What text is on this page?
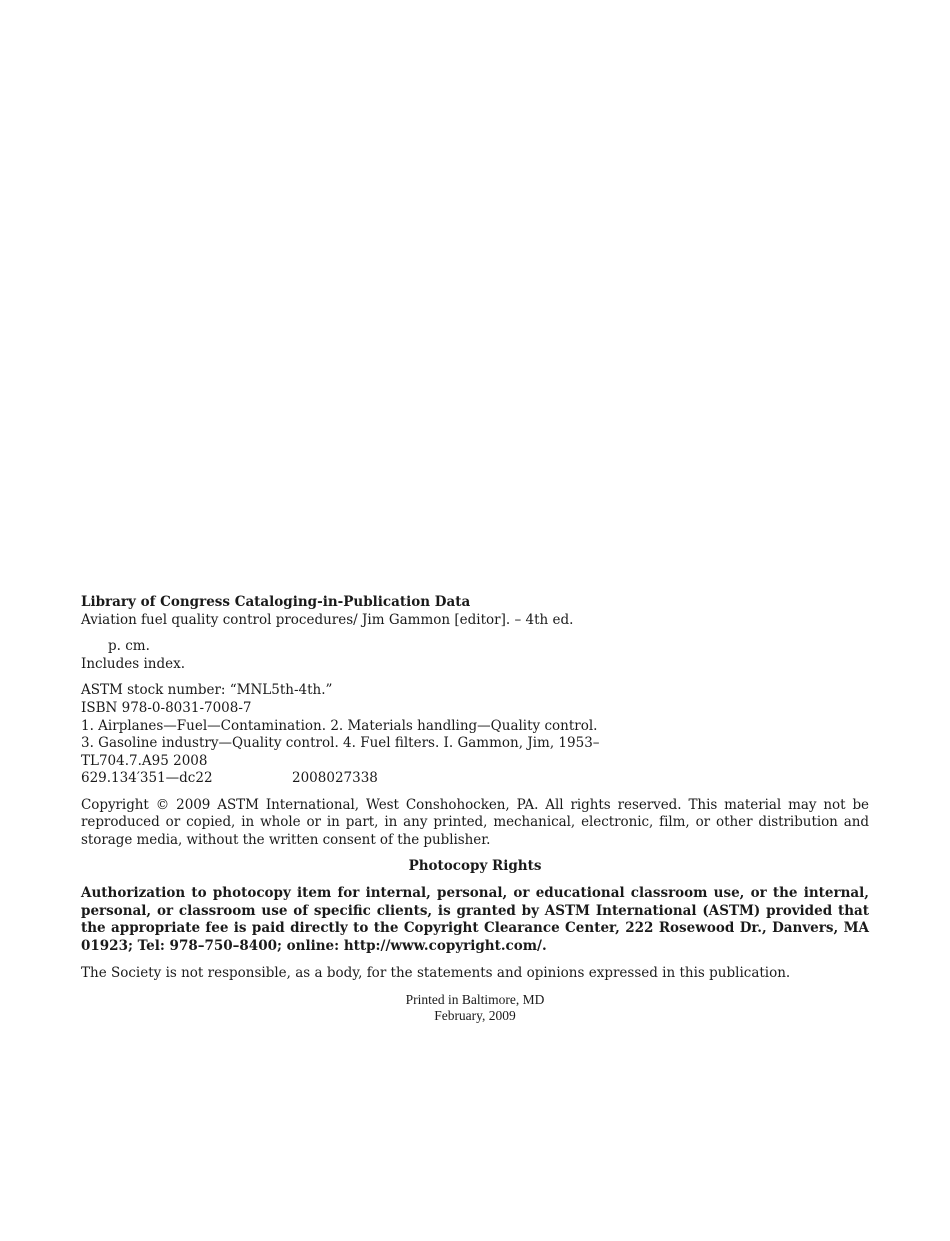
Library of Congress Cataloging-in-Publication Data
Aviation fuel quality control procedures/ Jim Gammon [editor]. – 4th ed.
p. cm.
Includes index.
ASTM stock number: “MNL5th-4th.”
ISBN 978-0-8031-7008-7
1. Airplanes—Fuel—Contamination. 2. Materials handling—Quality control.
3. Gasoline industry—Quality control. 4. Fuel filters. I. Gammon, Jim, 1953–
TL704.7.A95 2008
629.134′351—dc22	2008027338
Copyright © 2009 ASTM International, West Conshohocken, PA. All rights reserved. This material may not be reproduced or copied, in whole or in part, in any printed, mechanical, electronic, film, or other distribution and storage media, without the written consent of the publisher.
Photocopy Rights
Authorization to photocopy item for internal, personal, or educational classroom use, or the internal, personal, or classroom use of specific clients, is granted by ASTM International (ASTM) provided that the appropriate fee is paid directly to the Copyright Clearance Center, 222 Rosewood Dr., Danvers, MA 01923; Tel: 978–750–8400; online: http://www.copyright.com/.
The Society is not responsible, as a body, for the statements and opinions expressed in this publication.
Printed in Baltimore, MD
February, 2009
